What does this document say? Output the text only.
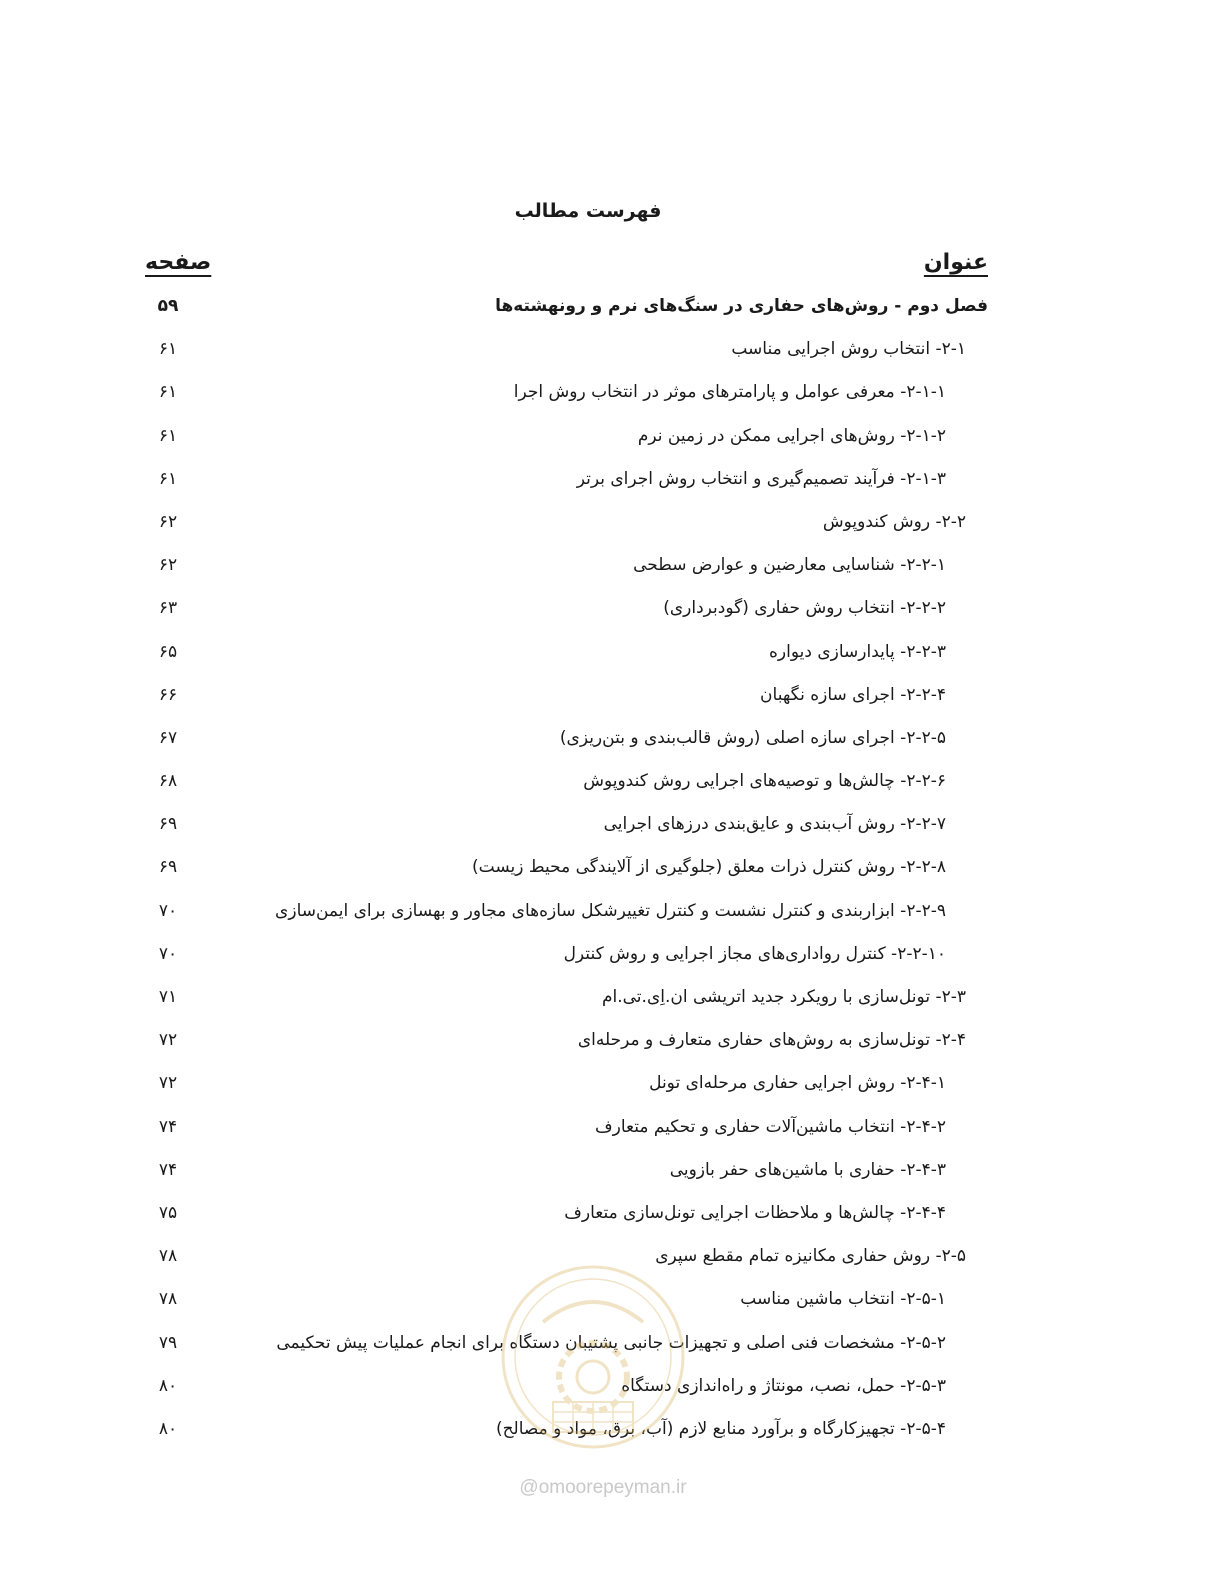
فهرست مطالب
عنوان
صفحه
فصل دوم - روش‌های حفاری در سنگ‌های نرم و رونهشته‌ها
۵۹
۲-۱- انتخاب روش اجرایی مناسب
۶۱
۲-۱-۱- معرفی عوامل و پارامترهای موثر در انتخاب روش اجرا
۶۱
۲-۱-۲- روش‌های اجرایی ممکن در زمین نرم
۶۱
۲-۱-۳- فرآیند تصمیم‌گیری و انتخاب روش اجرای برتر
۶۱
۲-۲- روش کندوپوش
۶۲
۲-۲-۱- شناسایی معارضین و عوارض سطحی
۶۲
۲-۲-۲- انتخاب روش حفاری (گودبرداری)
۶۳
۲-۲-۳- پایدارسازی دیواره
۶۵
۲-۲-۴- اجرای سازه نگهبان
۶۶
۲-۲-۵- اجرای سازه اصلی (روش قالب‌بندی و بتن‌ریزی)
۶۷
۲-۲-۶- چالش‌ها و توصیه‌های اجرایی روش کندوپوش
۶۸
۲-۲-۷- روش آب‌بندی و عایق‌بندی درزهای اجرایی
۶۹
۲-۲-۸- روش کنترل ذرات معلق (جلوگیری از آلایندگی محیط زیست)
۶۹
۲-۲-۹- ابزاربندی و کنترل نشست و کنترل تغییرشکل سازه‌های مجاور و بهسازی برای ایمن‌سازی
۷۰
۲-۲-۱۰- کنترل رواداری‌های مجاز اجرایی و روش کنترل
۷۰
۲-۳- تونل‌سازی با رویکرد جدید اتریشی ان.اِی.تی.ام
۷۱
۲-۴- تونل‌سازی به روش‌های حفاری متعارف و مرحله‌ای
۷۲
۲-۴-۱- روش اجرایی حفاری مرحله‌ای تونل
۷۲
۲-۴-۲- انتخاب ماشین‌آلات حفاری و تحکیم متعارف
۷۴
۲-۴-۳- حفاری با ماشین‌های حفر بازویی
۷۴
۲-۴-۴- چالش‌ها و ملاحظات اجرایی تونل‌سازی متعارف
۷۵
۲-۵- روش حفاری مکانیزه تمام مقطع سپری
۷۸
۲-۵-۱- انتخاب ماشین مناسب
۷۸
۲-۵-۲- مشخصات فنی اصلی و تجهیزات جانبی پشتیبان دستگاه برای انجام عملیات پیش تحکیمی
۷۹
۲-۵-۳- حمل، نصب، مونتاژ و راه‌اندازی دستگاه
۸۰
۲-۵-۴- تجهیزکارگاه و برآورد منابع لازم (آب، برق، مواد و مصالح)
۸۰
@omoorepeyman.ir
